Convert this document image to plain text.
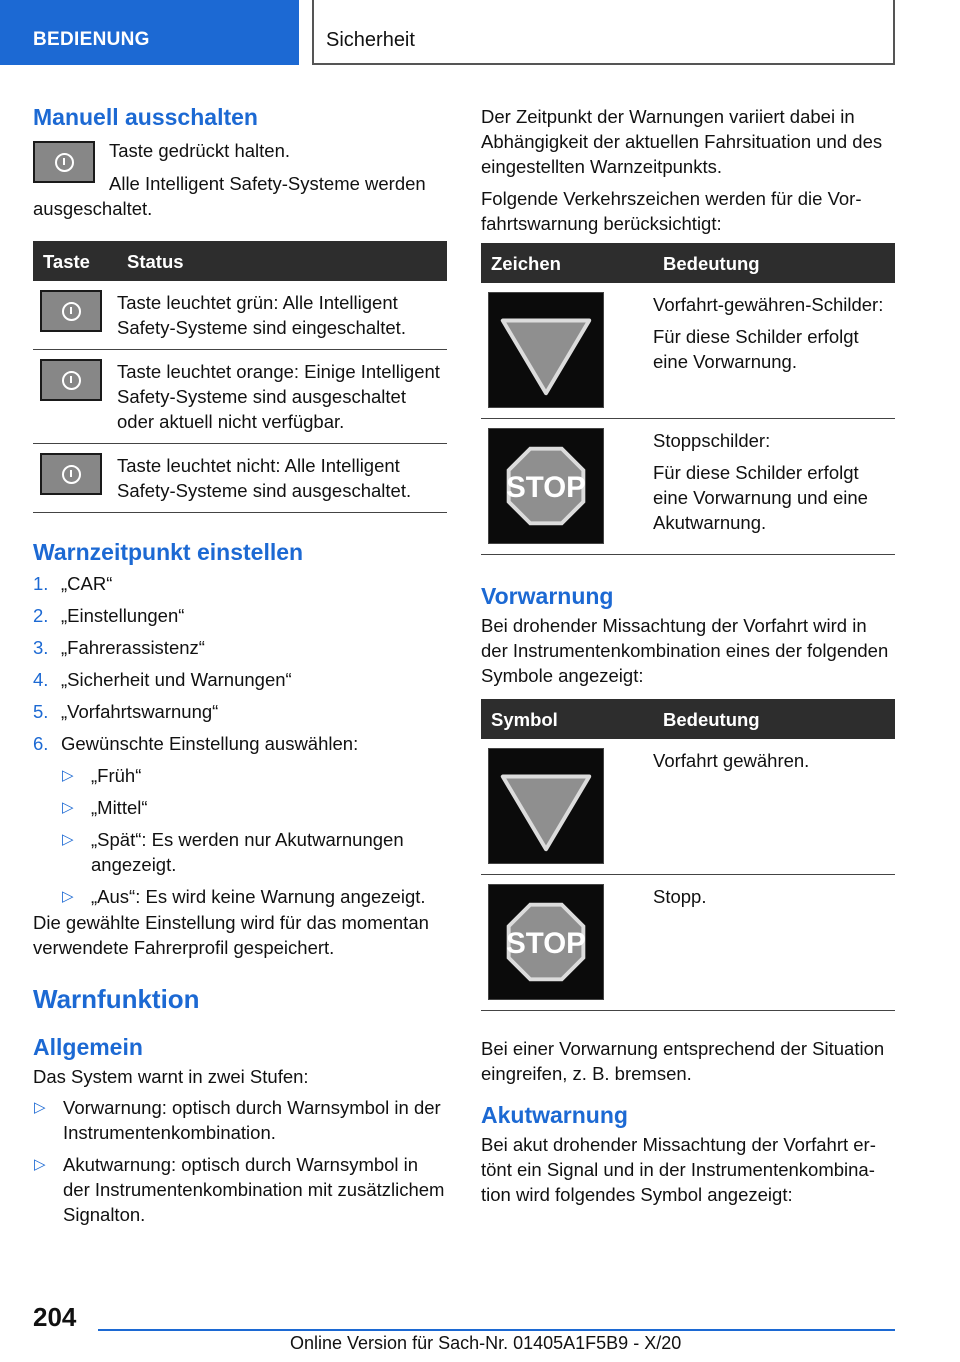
BEDIENUNG	Sicherheit
Manuell ausschalten

Taste gedrückt halten.

Alle Intelligent Safety-Systeme werden ausgeschaltet.

Taste	Status

	Taste leuchtet grün: Alle Intelligent Safety-Systeme sind eingeschaltet.

	Taste leuchtet orange: Einige Intelligent Safety-Systeme sind ausgeschaltet oder aktuell nicht verfügbar.

	Taste leuchtet nicht: Alle Intelligent Safety-Systeme sind ausgeschaltet.
Warnzeitpunkt einstellen
1. „CAR“
2. „Einstellungen“
3. „Fahrerassistenz“
4. „Sicherheit und Warnungen“
5. „Vorfahrtswarnung“
6. Gewünschte Einstellung auswählen:
▷ „Früh“
▷ „Mittel“
▷ „Spät“: Es werden nur Akutwarnungen angezeigt.
▷ „Aus“: Es wird keine Warnung angezeigt.

Die gewählte Einstellung wird für das momentan verwendete Fahrerprofil gespeichert.

Warnfunktion
Allgemein

Das System warnt in zwei Stufen:

▷ Vorwarnung: optisch durch Warnsymbol in der Instrumentenkombination.
▷ Akutwarnung: optisch durch Warnsymbol in der Instrumentenkombination mit zusätzlichem Signalton.

Der Zeitpunkt der Warnungen variiert dabei in Abhängigkeit der aktuellen Fahrsituation und des eingestellten Warnzeitpunkts.

Folgende Verkehrszeichen werden für die Vorfahrtswarnung berücksichtigt:

Zeichen	Bedeutung

Vorfahrt-gewähren-Schilder:

Für diese Schilder erfolgt eine Vorwarnung.

STOP	Stoppschilder:

Für diese Schilder erfolgt eine Vorwarnung und eine Akutwarnung.

Vorwarnung

Bei drohender Missachtung der Vorfahrt wird in der Instrumentenkombination eines der folgenden Symbole angezeigt:

Symbol	Bedeutung

	Vorfahrt gewähren.

STOP	Stopp.

Bei einer Vorwarnung entsprechend der Situation eingreifen, z. B. bremsen.

Akutwarnung

Bei akut drohender Missachtung der Vorfahrt ertönt ein Signal und in der Instrumentenkombination wird folgendes Symbol angezeigt:

204
Online Version für Sach-Nr. 01405A1F5B9 - X/20
